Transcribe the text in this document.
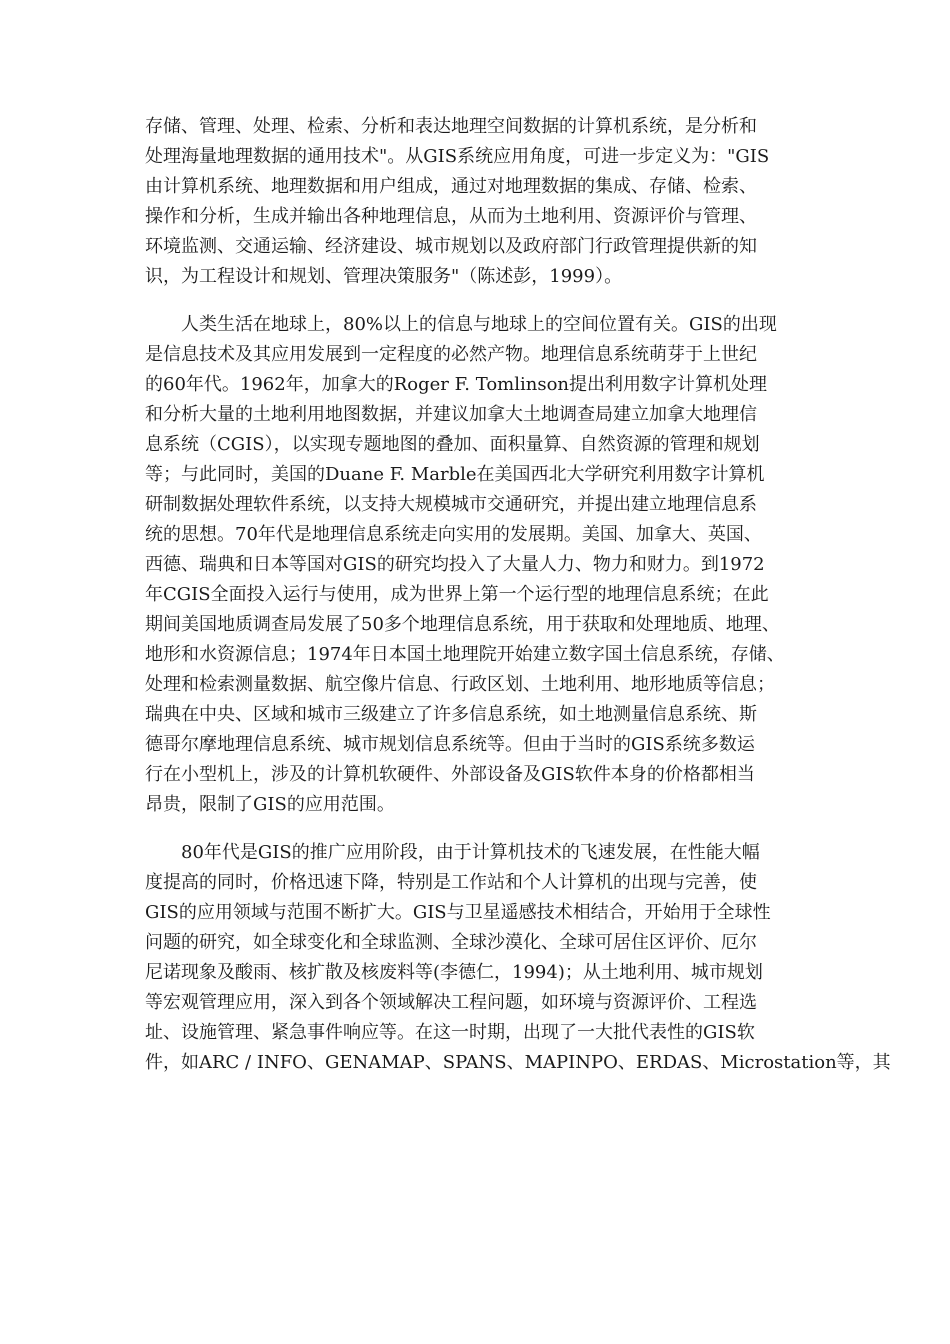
存储、管理、处理、检索、分析和表达地理空间数据的计算机系统，是分析和
处理海量地理数据的通用技术"。从GIS系统应用角度，可进一步定义为："GIS
由计算机系统、地理数据和用户组成，通过对地理数据的集成、存储、检索、
操作和分析，生成并输出各种地理信息，从而为土地利用、资源评价与管理、
环境监测、交通运输、经济建设、城市规划以及政府部门行政管理提供新的知
识，为工程设计和规划、管理决策服务"（陈述彭，1999）。

人类生活在地球上，80%以上的信息与地球上的空间位置有关。GIS的出现
是信息技术及其应用发展到一定程度的必然产物。地理信息系统萌芽于上世纪
的60年代。1962年，加拿大的Roger F. Tomlinson提出利用数字计算机处理
和分析大量的土地利用地图数据，并建议加拿大土地调查局建立加拿大地理信
息系统（CGIS），以实现专题地图的叠加、面积量算、自然资源的管理和规划
等；与此同时，美国的Duane F. Marble在美国西北大学研究利用数字计算机
研制数据处理软件系统，以支持大规模城市交通研究，并提出建立地理信息系
统的思想。70年代是地理信息系统走向实用的发展期。美国、加拿大、英国、
西德、瑞典和日本等国对GIS的研究均投入了大量人力、物力和财力。到1972
年CGIS全面投入运行与使用，成为世界上第一个运行型的地理信息系统；在此
期间美国地质调查局发展了50多个地理信息系统，用于获取和处理地质、地理、
地形和水资源信息；1974年日本国土地理院开始建立数字国土信息系统，存储、
处理和检索测量数据、航空像片信息、行政区划、土地利用、地形地质等信息；
瑞典在中央、区域和城市三级建立了许多信息系统，如土地测量信息系统、斯
德哥尔摩地理信息系统、城市规划信息系统等。但由于当时的GIS系统多数运
行在小型机上，涉及的计算机软硬件、外部设备及GIS软件本身的价格都相当
昂贵，限制了GIS的应用范围。

80年代是GIS的推广应用阶段，由于计算机技术的飞速发展，在性能大幅
度提高的同时，价格迅速下降，特别是工作站和个人计算机的出现与完善，使
GIS的应用领域与范围不断扩大。GIS与卫星遥感技术相结合，开始用于全球性
问题的研究，如全球变化和全球监测、全球沙漠化、全球可居住区评价、厄尔
尼诺现象及酸雨、核扩散及核废料等(李德仁，1994)；从土地利用、城市规划
等宏观管理应用，深入到各个领域解决工程问题，如环境与资源评价、工程选
址、设施管理、紧急事件响应等。在这一时期，出现了一大批代表性的GIS软
件，如ARC / INFO、GENAMAP、SPANS、MAPINPO、ERDAS、Microstation等，其
